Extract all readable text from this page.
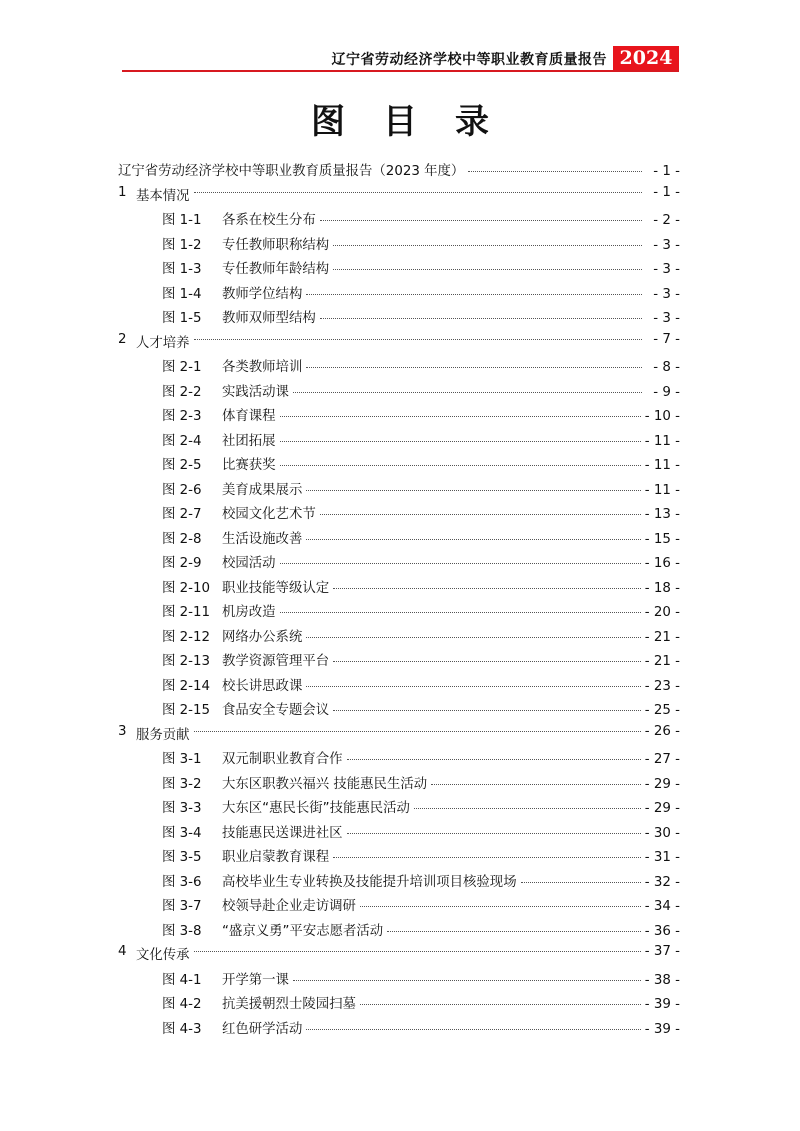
辽宁省劳动经济学校中等职业教育质量报告 2024
图目录
辽宁省劳动经济学校中等职业教育质量报告（2023 年度）	- 1 -
1 基本情况	- 1 -
图 1-1	各系在校生分布	- 2 -
图 1-2	专任教师职称结构	- 3 -
图 1-3	专任教师年龄结构	- 3 -
图 1-4	教师学位结构	- 3 -
图 1-5	教师双师型结构	- 3 -
2 人才培养	- 7 -
图 2-1	各类教师培训	- 8 -
图 2-2	实践活动课	- 9 -
图 2-3	体育课程	- 10 -
图 2-4	社团拓展	- 11 -
图 2-5	比赛获奖	- 11 -
图 2-6	美育成果展示	- 11 -
图 2-7	校园文化艺术节	- 13 -
图 2-8	生活设施改善	- 15 -
图 2-9	校园活动	- 16 -
图 2-10 职业技能等级认定	- 18 -
图 2-11 机房改造	- 20 -
图 2-12 网络办公系统	- 21 -
图 2-13 教学资源管理平台	- 21 -
图 2-14 校长讲思政课	- 23 -
图 2-15 食品安全专题会议	- 25 -
3 服务贡献	- 26 -
图 3-1	双元制职业教育合作	- 27 -
图 3-2	大东区职教兴福兴 技能惠民生活动	- 29 -
图 3-3	大东区“惠民长街”技能惠民活动	- 29 -
图 3-4	技能惠民送课进社区	- 30 -
图 3-5	职业启蒙教育课程	- 31 -
图 3-6	高校毕业生专业转换及技能提升培训项目核验现场	- 32 -
图 3-7	校领导赴企业走访调研	- 34 -
图 3-8	“盛京义勇”平安志愿者活动	- 36 -
4 文化传承	- 37 -
图 4-1	开学第一课	- 38 -
图 4-2	抗美援朝烈士陵园扫墓	- 39 -
图 4-3	红色研学活动	- 39 -
